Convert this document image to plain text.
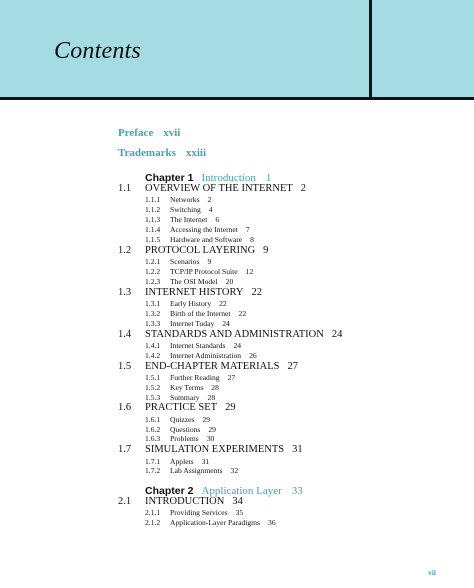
Contents
Preface xvii
Trademarks xxiii
Chapter 1 Introduction 1
1.1 OVERVIEW OF THE INTERNET 2
1.1.1 Networks 2
1.1.2 Switching 4
1.1.3 The Internet 6
1.1.4 Accessing the Internet 7
1.1.5 Hardware and Software 8
1.2 PROTOCOL LAYERING 9
1.2.1 Scenarios 9
1.2.2 TCP/IP Protocol Suite 12
1.2.3 The OSI Model 20
1.3 INTERNET HISTORY 22
1.3.1 Early History 22
1.3.2 Birth of the Internet 22
1.3.3 Internet Today 24
1.4 STANDARDS AND ADMINISTRATION 24
1.4.1 Internet Standards 24
1.4.2 Internet Administration 26
1.5 END-CHAPTER MATERIALS 27
1.5.1 Further Reading 27
1.5.2 Key Terms 28
1.5.3 Summary 28
1.6 PRACTICE SET 29
1.6.1 Quizzes 29
1.6.2 Questions 29
1.6.3 Problems 30
1.7 SIMULATION EXPERIMENTS 31
1.7.1 Applets 31
1.7.2 Lab Assignments 32
Chapter 2 Application Layer 33
2.1 INTRODUCTION 34
2.1.1 Providing Services 35
2.1.2 Application-Layer Paradigms 36
vii
